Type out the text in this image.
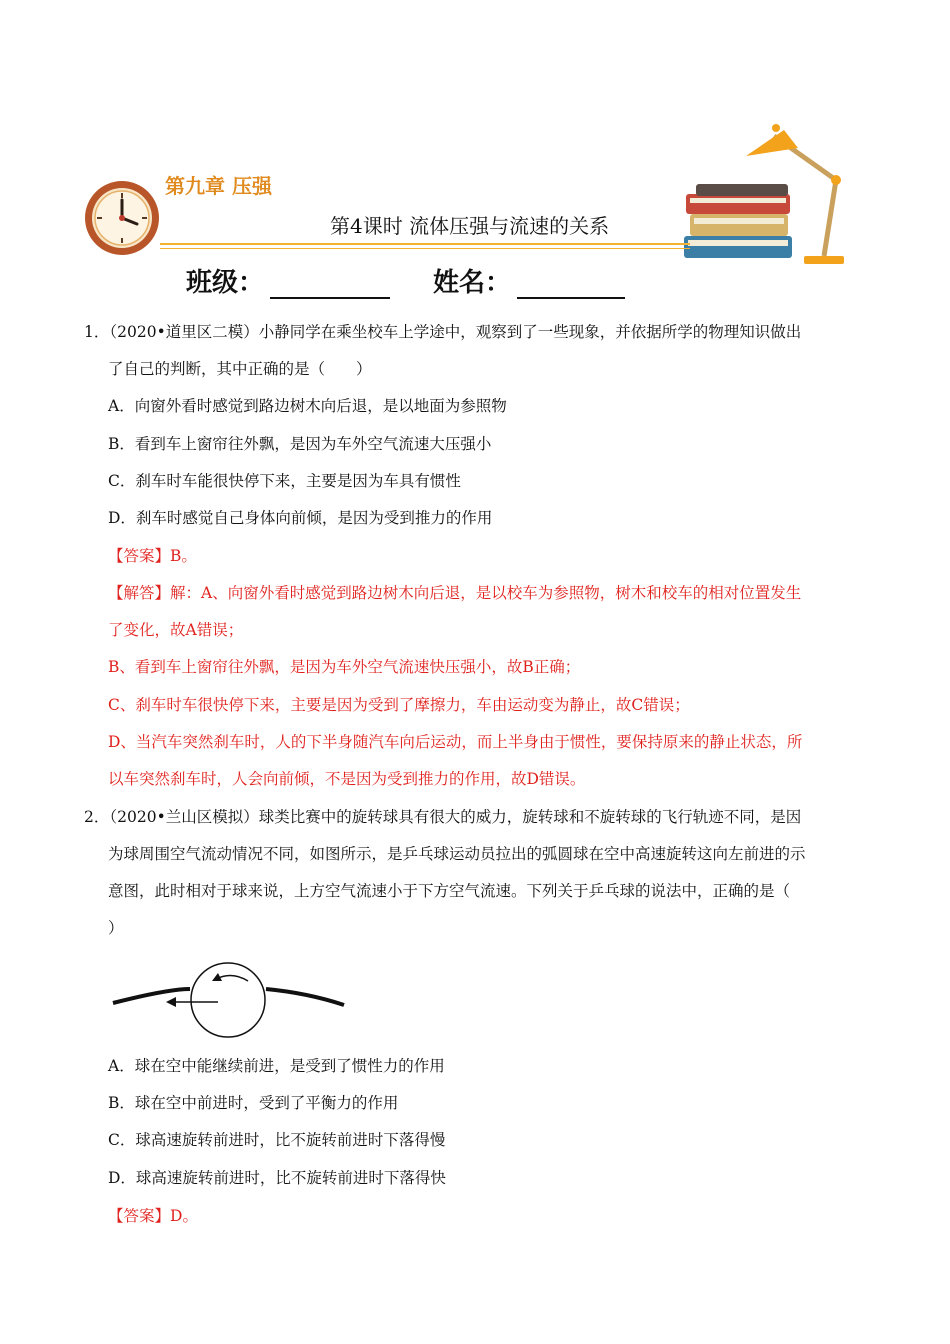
第九章 压强
第4课时 流体压强与流速的关系
班级：	姓名：
1．（2020•道里区二模）小静同学在乘坐校车上学途中，观察到了一些现象，并依据所学的物理知识做出
了自己的判断，其中正确的是（　　）
A．向窗外看时感觉到路边树木向后退，是以地面为参照物
B．看到车上窗帘往外飘，是因为车外空气流速大压强小
C．刹车时车能很快停下来，主要是因为车具有惯性
D．刹车时感觉自己身体向前倾，是因为受到推力的作用
【答案】B。
【解答】解：A、向窗外看时感觉到路边树木向后退，是以校车为参照物，树木和校车的相对位置发生
了变化，故A错误；
B、看到车上窗帘往外飘，是因为车外空气流速快压强小，故B正确；
C、刹车时车很快停下来，主要是因为受到了摩擦力，车由运动变为静止，故C错误；
D、当汽车突然刹车时，人的下半身随汽车向后运动，而上半身由于惯性，要保持原来的静止状态，所
以车突然刹车时，人会向前倾，不是因为受到推力的作用，故D错误。
2．（2020•兰山区模拟）球类比赛中的旋转球具有很大的威力，旋转球和不旋转球的飞行轨迹不同，是因
为球周围空气流动情况不同，如图所示，是乒乓球运动员拉出的弧圆球在空中高速旋转这向左前进的示
意图，此时相对于球来说，上方空气流速小于下方空气流速。下列关于乒乓球的说法中，正确的是（
）
A．球在空中能继续前进，是受到了惯性力的作用
B．球在空中前进时，受到了平衡力的作用
C．球高速旋转前进时，比不旋转前进时下落得慢
D．球高速旋转前进时，比不旋转前进时下落得快
【答案】D。
